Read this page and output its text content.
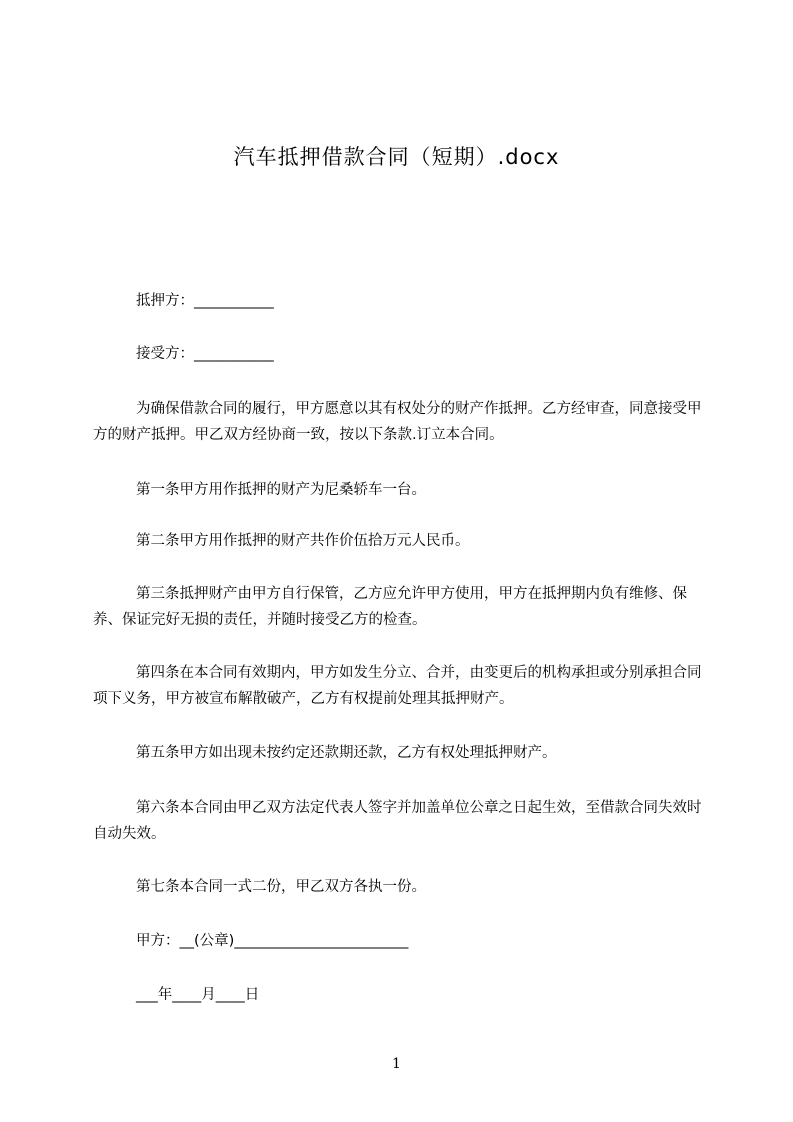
汽车抵押借款合同（短期）.docx
抵押方：___________
接受方：___________
为确保借款合同的履行，甲方愿意以其有权处分的财产作抵押。乙方经审查，同意接受甲方的财产抵押。甲乙双方经协商一致，按以下条款.订立本合同。
第一条甲方用作抵押的财产为尼桑轿车一台。
第二条甲方用作抵押的财产共作价伍拾万元人民币。
第三条抵押财产由甲方自行保管，乙方应允许甲方使用，甲方在抵押期内负有维修、保养、保证完好无损的责任，并随时接受乙方的检查。
第四条在本合同有效期内，甲方如发生分立、合并，由变更后的机构承担或分别承担合同项下义务，甲方被宣布解散破产，乙方有权提前处理其抵押财产。
第五条甲方如出现未按约定还款期还款，乙方有权处理抵押财产。
第六条本合同由甲乙双方法定代表人签字并加盖单位公章之日起生效，至借款合同失效时自动失效。
第七条本合同一式二份，甲乙双方各执一份。
甲方：__(公章)________________________
___年____月____日
1
